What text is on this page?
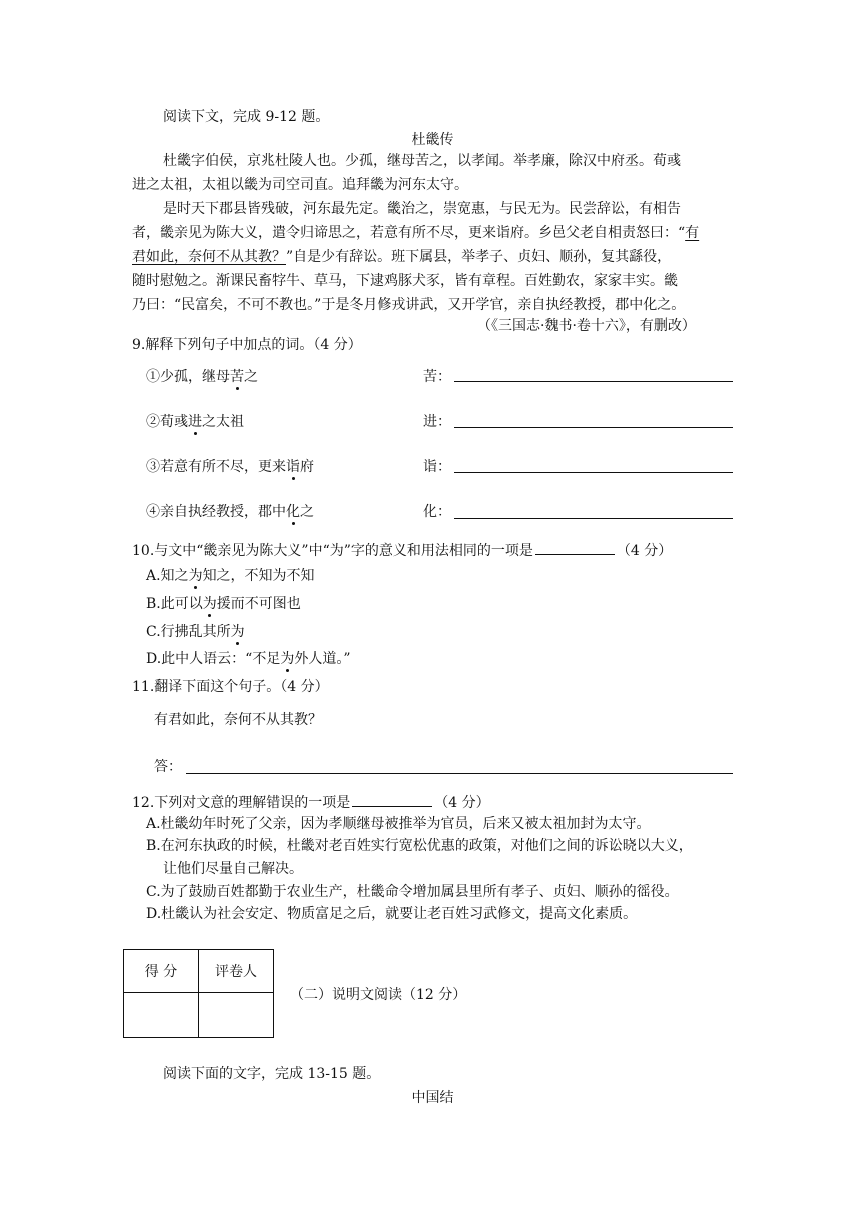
阅读下文，完成 9-12 题。
杜畿传
杜畿字伯侯，京兆杜陵人也。少孤，继母苦之，以孝闻。举孝廉，除汉中府丞。荀彧
进之太祖，太祖以畿为司空司直。追拜畿为河东太守。
是时天下郡县皆残破，河东最先定。畿治之，崇宽惠，与民无为。民尝辞讼，有相告
者，畿亲见为陈大义，遣令归谛思之，若意有所不尽，更来诣府。乡邑父老自相责怒曰：“有
君如此，奈何不从其教？”自是少有辞讼。班下属县，举孝子、贞妇、顺孙，复其繇役，
随时慰勉之。渐课民畜牸牛、草马，下逮鸡豚犬豕，皆有章程。百姓勤农，家家丰实。畿
乃曰：“民富矣，不可不教也。”于是冬月修戎讲武，又开学官，亲自执经教授，郡中化之。
（《三国志·魏书·卷十六》，有删改）
9.解释下列句子中加点的词。（4 分）
①少孤，继母苦之	苦：
②荀彧进之太祖	进：
③若意有所不尽，更来诣府	诣：
④亲自执经教授，郡中化之	化：
10.与文中“畿亲见为陈大义”中“为”字的意义和用法相同的一项是	（4 分）
A.知之为知之，不知为不知
B.此可以为援而不可图也
C.行拂乱其所为
D.此中人语云：“不足为外人道。”
11.翻译下面这个句子。（4 分）
有君如此，奈何不从其教？
答：
12.下列对文意的理解错误的一项是	（4 分）
A.杜畿幼年时死了父亲，因为孝顺继母被推举为官员，后来又被太祖加封为太守。
B.在河东执政的时候，杜畿对老百姓实行宽松优惠的政策，对他们之间的诉讼晓以大义，
让他们尽量自己解决。
C.为了鼓励百姓都勤于农业生产，杜畿命令增加属县里所有孝子、贞妇、顺孙的徭役。
D.杜畿认为社会安定、物质富足之后，就要让老百姓习武修文，提高文化素质。
得 分	评卷人

（二）说明文阅读（12 分）
阅读下面的文字，完成 13-15 题。
中国结
